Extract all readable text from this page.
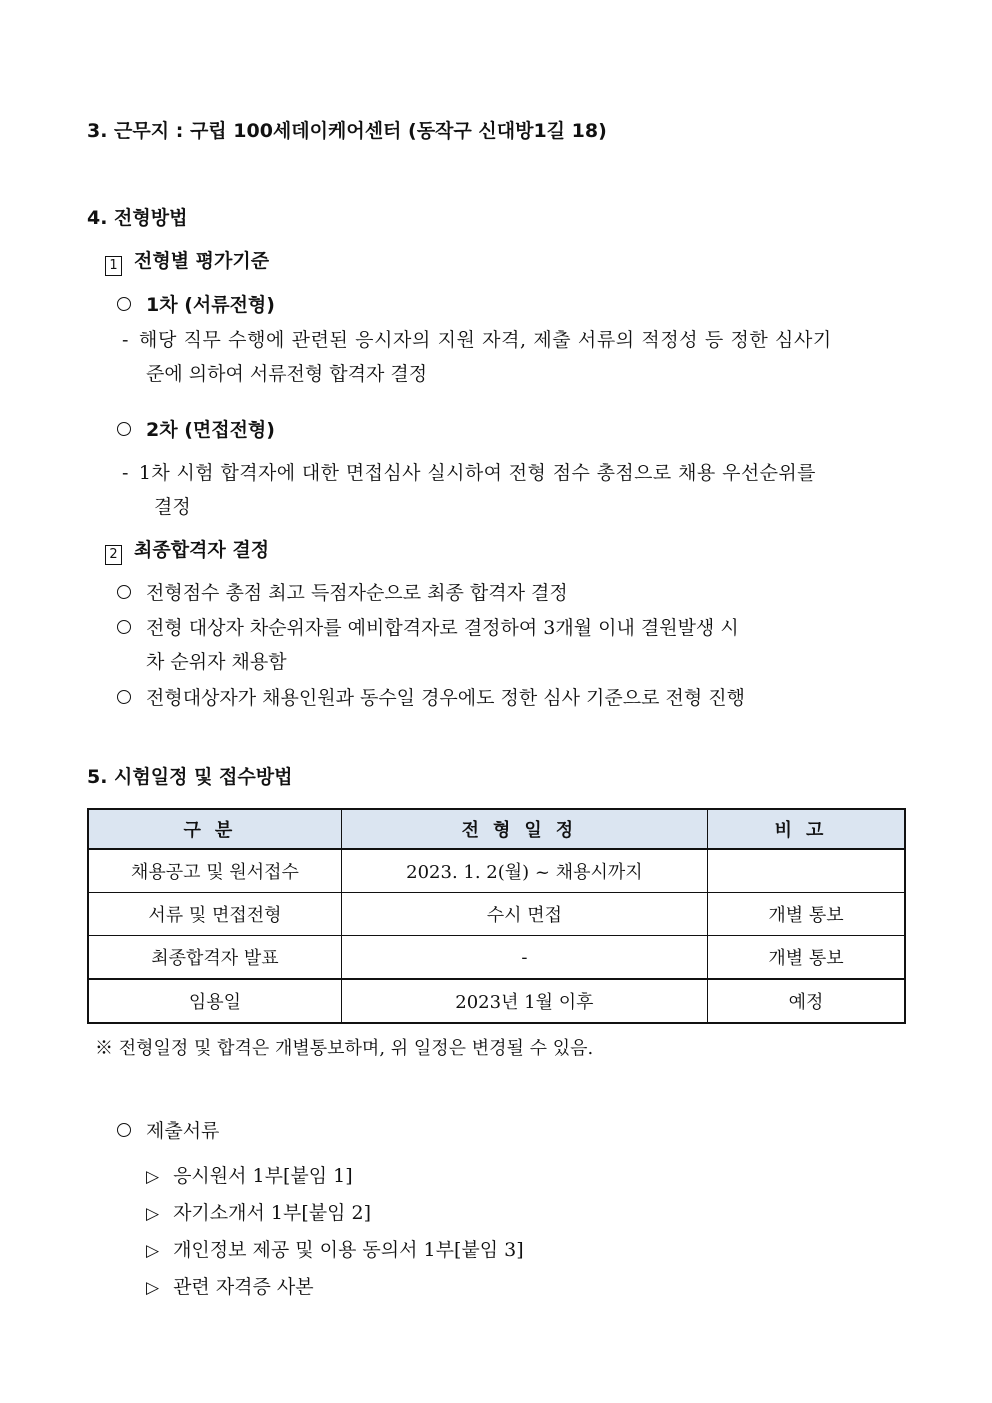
3. 근무지 : 구립 100세데이케어센터 (동작구 신대방1길 18)
4. 전형방법
1 전형별 평가기준
1차 (서류전형)
- 해당 직무 수행에 관련된 응시자의 지원 자격, 제출 서류의 적정성 등 정한 심사기
준에 의하여 서류전형 합격자 결정
2차 (면접전형)
- 1차 시험 합격자에 대한 면접심사 실시하여 전형 점수 총점으로 채용 우선순위를
결정
2 최종합격자 결정
전형점수 총점 최고 득점자순으로 최종 합격자 결정
전형 대상자 차순위자를 예비합격자로 결정하여 3개월 이내 결원발생 시
차 순위자 채용함
전형대상자가 채용인원과 동수일 경우에도 정한 심사 기준으로 전형 진행
5. 시험일정 및 접수방법
구분	전형일정	비고
채용공고 및 원서접수	2023. 1. 2(월) ~ 채용시까지	
서류 및 면접전형	수시 면접	개별 통보
최종합격자 발표	-	개별 통보
임용일	2023년 1월 이후	예정
※ 전형일정 및 합격은 개별통보하며, 위 일정은 변경될 수 있음.
제출서류
▷ 응시원서 1부[붙임 1]
▷ 자기소개서 1부[붙임 2]
▷ 개인정보 제공 및 이용 동의서 1부[붙임 3]
▷ 관련 자격증 사본
